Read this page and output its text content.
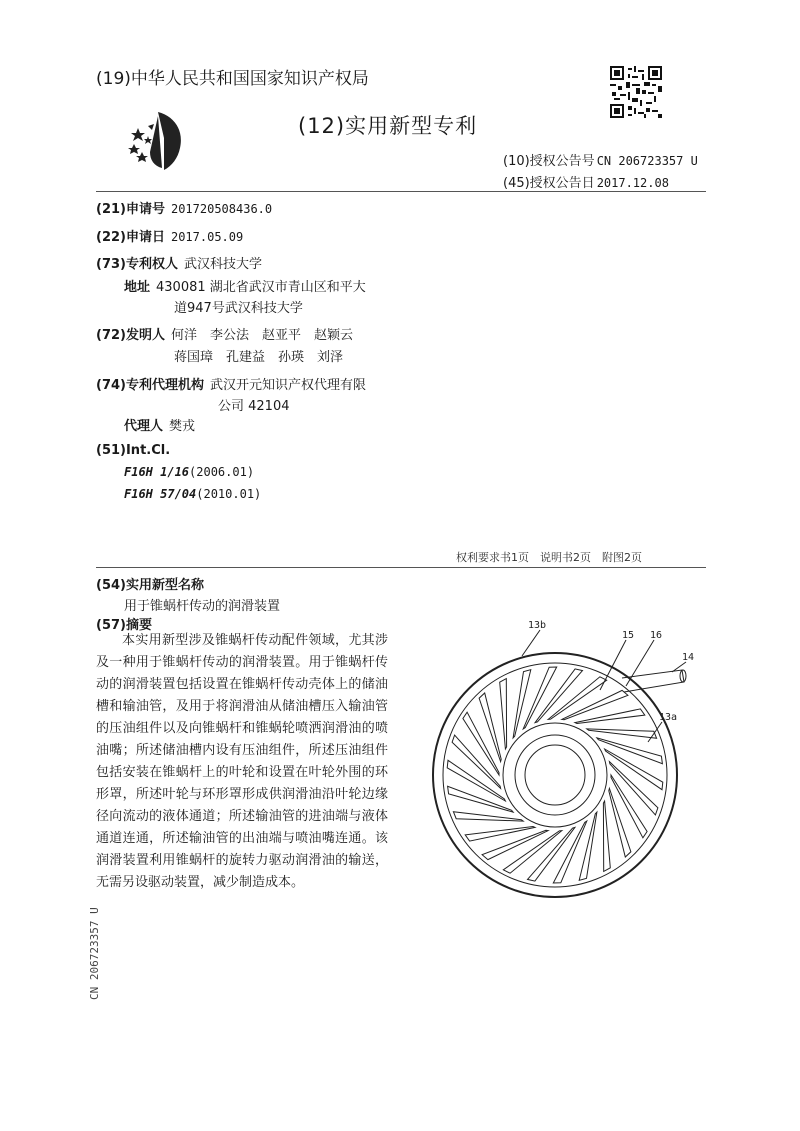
(19)中华人民共和国国家知识产权局
(12)实用新型专利
(10)授权公告号 CN 206723357 U
(45)授权公告日 2017.12.08
(21)申请号 201720508436.0
(22)申请日 2017.05.09
(73)专利权人 武汉科技大学
地址 430081 湖北省武汉市青山区和平大
道947号武汉科技大学
(72)发明人 何洋　李公法　赵亚平　赵颖云
蒋国璋　孔建益　孙瑛　刘泽
(74)专利代理机构 武汉开元知识产权代理有限
公司 42104
代理人 樊戎
(51)Int.Cl.
F16H 1/16(2006.01)
F16H 57/04(2010.01)
权利要求书1页　说明书2页　附图2页
(54)实用新型名称
用于锥蜗杆传动的润滑装置
(57)摘要
本实用新型涉及锥蜗杆传动配件领域，尤其涉及一种用于锥蜗杆传动的润滑装置。用于锥蜗杆传动的润滑装置包括设置在锥蜗杆传动壳体上的储油槽和输油管，及用于将润滑油从储油槽压入输油管的压油组件以及向锥蜗杆和锥蜗轮喷洒润滑油的喷油嘴；所述储油槽内设有压油组件，所述压油组件包括安装在锥蜗杆上的叶轮和设置在叶轮外围的环形罩，所述叶轮与环形罩形成供润滑油沿叶轮边缘径向流动的液体通道；所述输油管的进油端与液体通道连通，所述输油管的出油端与喷油嘴连通。该润滑装置利用锥蜗杆的旋转力驱动润滑油的输送，无需另设驱动装置，减少制造成本。
13b
15 16
14
13a
CN 206723357 U
